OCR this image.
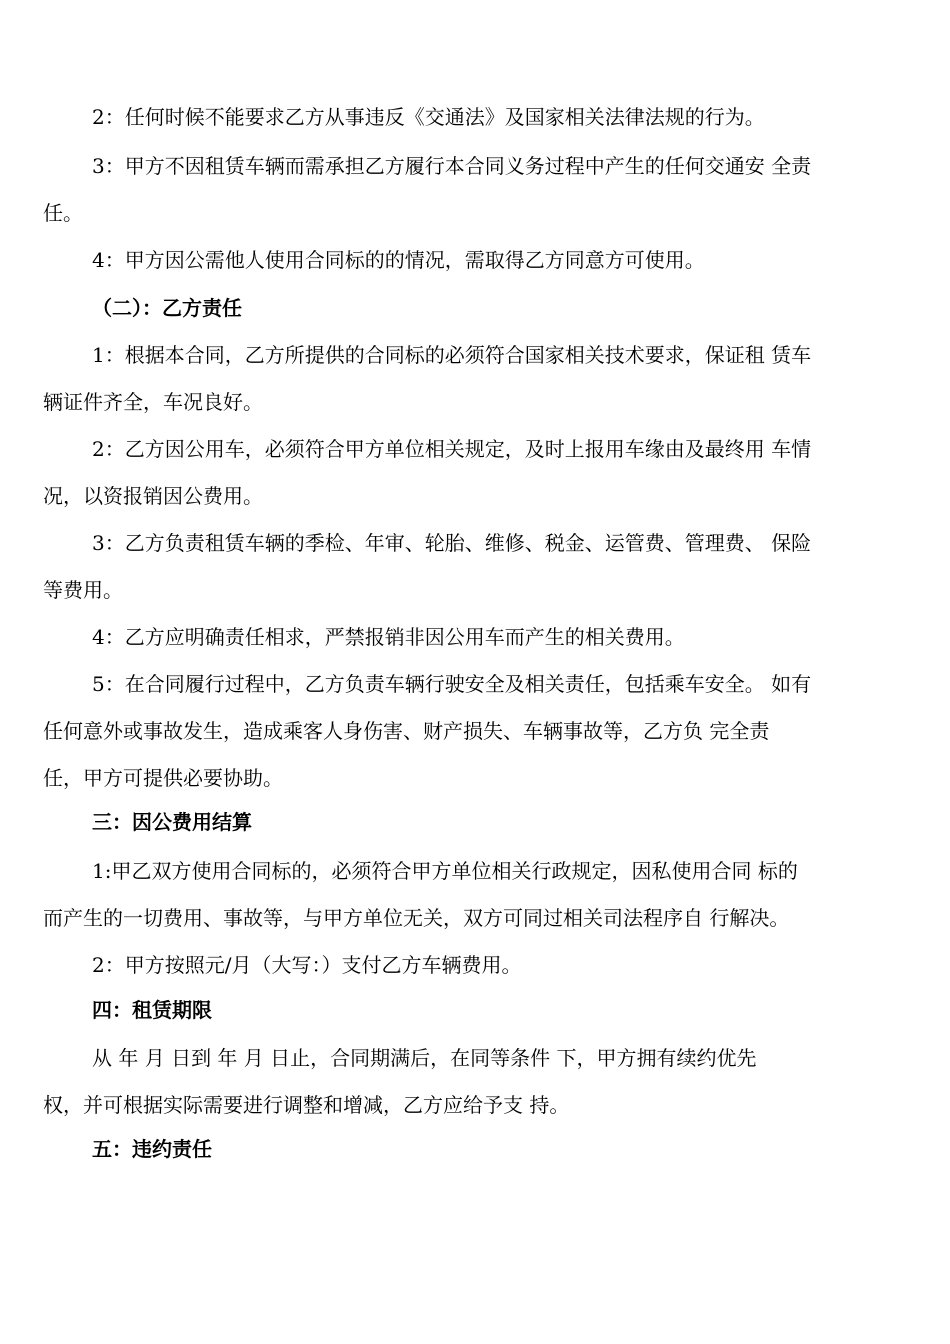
2：任何时候不能要求乙方从事违反《交通法》及国家相关法律法规的行为。
3：甲方不因租赁车辆而需承担乙方履行本合同义务过程中产生的任何交通安 全责
任。
4：甲方因公需他人使用合同标的的情况，需取得乙方同意方可使用。
（二）：乙方责任
1：根据本合同，乙方所提供的合同标的必须符合国家相关技术要求，保证租 赁车
辆证件齐全，车况良好。
2：乙方因公用车，必须符合甲方单位相关规定，及时上报用车缘由及最终用 车情
况，以资报销因公费用。
3：乙方负责租赁车辆的季检、年审、轮胎、维修、税金、运管费、管理费、 保险
等费用。
4：乙方应明确责任相求，严禁报销非因公用车而产生的相关费用。
5：在合同履行过程中，乙方负责车辆行驶安全及相关责任，包括乘车安全。 如有
任何意外或事故发生，造成乘客人身伤害、财产损失、车辆事故等，乙方负 完全责
任，甲方可提供必要协助。
三：因公费用结算
1:甲乙双方使用合同标的，必须符合甲方单位相关行政规定，因私使用合同 标的
而产生的一切费用、事故等，与甲方单位无关，双方可同过相关司法程序自 行解决。
2：甲方按照元/月（大写：）支付乙方车辆费用。
四：租赁期限
从 年 月 日到 年 月 日止，合同期满后，在同等条件 下，甲方拥有续约优先
权，并可根据实际需要进行调整和增减，乙方应给予支 持。
五：违约责任
